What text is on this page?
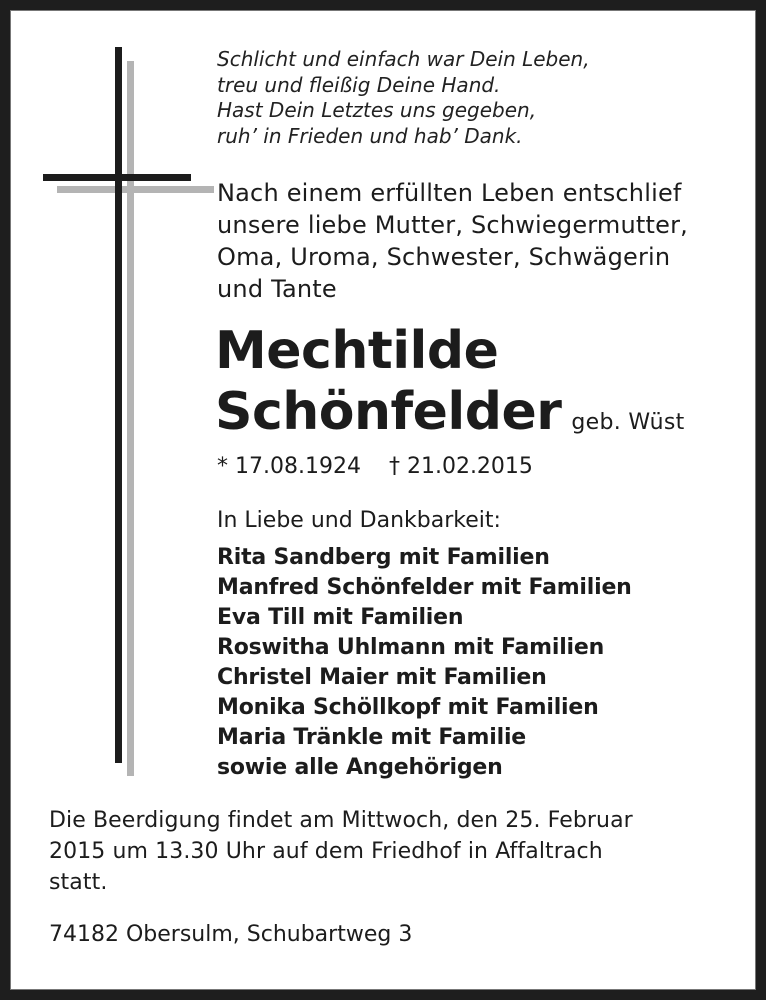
Schlicht und einfach war Dein Leben,
treu und fleißig Deine Hand.
Hast Dein Letztes uns gegeben,
ruh’ in Frieden und hab’ Dank.
Nach einem erfüllten Leben entschlief
unsere liebe Mutter, Schwiegermutter,
Oma, Uroma, Schwester, Schwägerin
und Tante
Mechtilde
Schönfelder geb. Wüst
* 17.08.1924 † 21.02.2015
In Liebe und Dankbarkeit:
Rita Sandberg mit Familien
Manfred Schönfelder mit Familien
Eva Till mit Familien
Roswitha Uhlmann mit Familien
Christel Maier mit Familien
Monika Schöllkopf mit Familien
Maria Tränkle mit Familie
sowie alle Angehörigen
Die Beerdigung findet am Mittwoch, den 25. Februar
2015 um 13.30 Uhr auf dem Friedhof in Affaltrach
statt.
74182 Obersulm, Schubartweg 3
